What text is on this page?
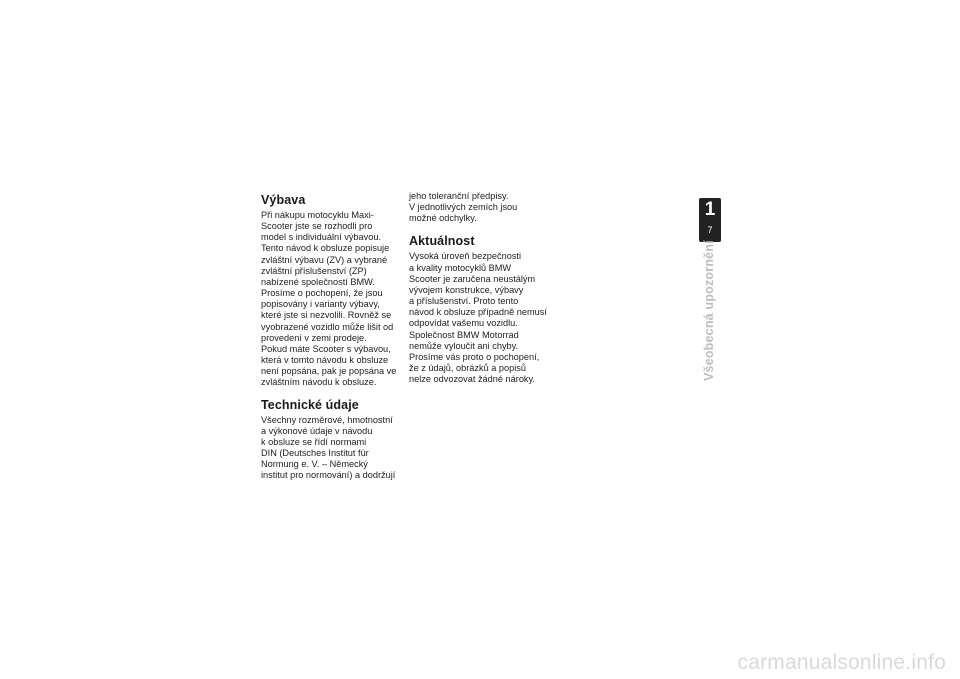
Výbava

Při nákupu motocyklu Maxi-
Scooter jste se rozhodli pro
model s individuální výbavou.
Tento návod k obsluze popisuje
zvláštní výbavu (ZV) a vybrané
zvláštní příslušenství (ZP)
nabízené společností BMW.
Prosíme o pochopení, že jsou
popisovány i varianty výbavy,
které jste si nezvolili. Rovněž se
vyobrazené vozidlo může lišit od
provedení v zemi prodeje.
Pokud máte Scooter s výbavou,
která v tomto návodu k obsluze
není popsána, pak je popsána ve
zvláštním návodu k obsluze.

Technické údaje

Všechny rozměrové, hmotnostní
a výkonové údaje v návodu
k obsluze se řídí normami
DIN (Deutsches Institut für
Normung e. V. – Německý
institut pro normování) a dodržují

jeho toleranční předpisy.
V jednotlivých zemích jsou
možné odchylky.

Aktuálnost

Vysoká úroveň bezpečnosti
a kvality motocyklů BMW
Scooter je zaručena neustálým
vývojem konstrukce, výbavy
a příslušenství. Proto tento
návod k obsluze případně nemusí
odpovídat vašemu vozidlu.
Společnost BMW Motorrad
nemůže vyloučit ani chyby.
Prosíme vás proto o pochopení,
že z údajů, obrázků a popisů
nelze odvozovat žádné nároky.

1
7
Všeobecná upozornění
carmanualsonline.info
